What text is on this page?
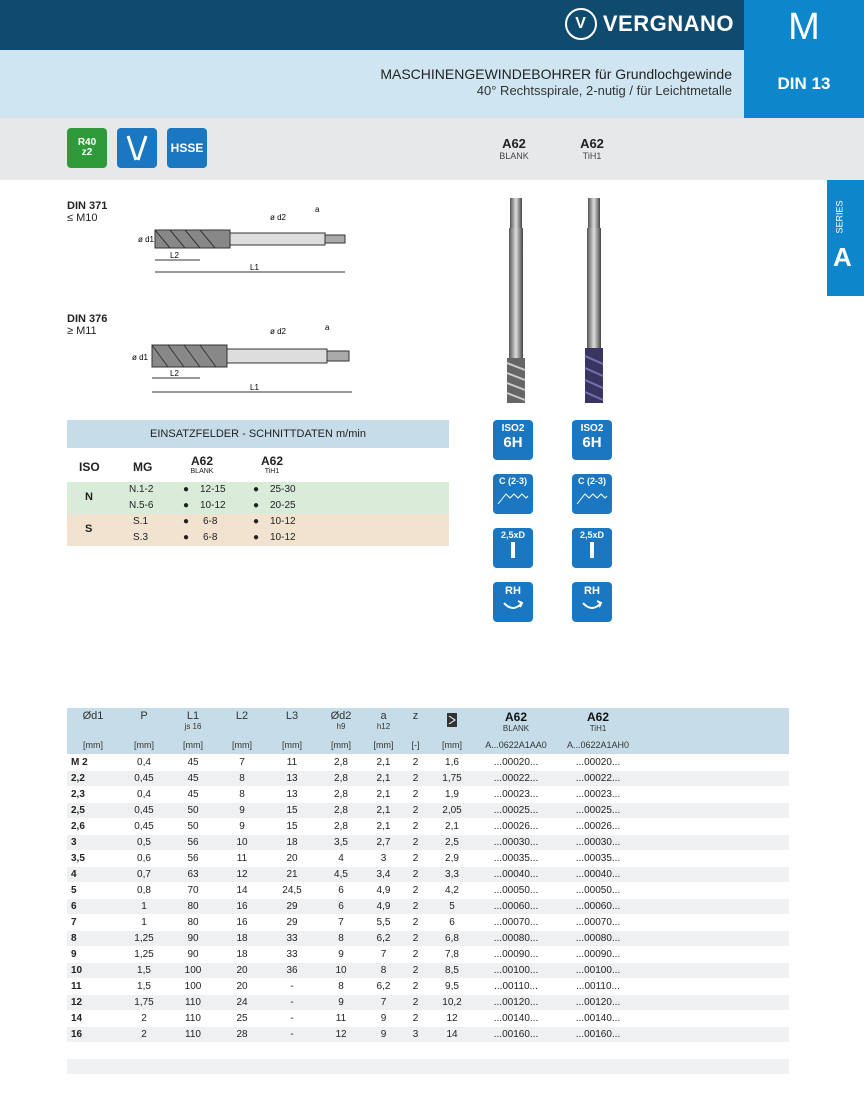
V VERGNANO	M
DIN 13
MASCHINENGEWINDEBOHRER für Grundlochgewinde
40° Rechtsspirale, 2-nutig / für Leichtmetalle
R40
z2	HSSE	A62
BLANK
A62
TiH1
A
SERIES
DIN 371
≤ M10
L2
L1
a
ø d1
ø d2
DIN 376
≥ M11
L2
L1
a
ø d1
ø d2
ISO2
6H
C (2-3)
2,5xD
RH
ISO2
6H
C (2-3)
2,5xD
RH
EINSATZFELDER - SCHNITTDATEN m/min
ISO	MG	A62
BLANK
A62
TiH1
N
N.1-2	● 12-15	● 25-30
N.5-6	● 10-12	● 20-25
S
S.1	● 6-8	● 10-12
S.3	● 6-8	● 10-12
Ød1
[mm]
P
[mm]
L1
js 16
[mm]
L2
[mm]
L3
[mm]
Ød2
h9
[mm]
a
h12
[mm]
z
[-]	[mm]
A62
BLANK
A...0622A1AA0
A62
TiH1
A...0622A1AH0
M 2	0,4	45	7	11	2,8	2,1	2	1,6	...00020...	...00020...
2,2	0,45	45	8	13	2,8	2,1	2	1,75	...00022...	...00022...
2,3	0,4	45	8	13	2,8	2,1	2	1,9	...00023...	...00023...
2,5	0,45	50	9	15	2,8	2,1	2	2,05	...00025...	...00025...
2,6	0,45	50	9	15	2,8	2,1	2	2,1	...00026...	...00026...
3	0,5	56	10	18	3,5	2,7	2	2,5	...00030...	...00030...
3,5	0,6	56	11	20	4	3	2	2,9	...00035...	...00035...
4	0,7	63	12	21	4,5	3,4	2	3,3	...00040...	...00040...
5	0,8	70	14	24,5	6	4,9	2	4,2	...00050...	...00050...
6	1	80	16	29	6	4,9	2	5	...00060...	...00060...
7	1	80	16	29	7	5,5	2	6	...00070...	...00070...
8	1,25	90	18	33	8	6,2	2	6,8	...00080...	...00080...
9	1,25	90	18	33	9	7	2	7,8	...00090...	...00090...
10	1,5	100	20	36	10	8	2	8,5	...00100...	...00100...
11	1,5	100	20	-	8	6,2	2	9,5	...00110...	...00110...
12	1,75	110	24	-	9	7	2	10,2	...00120...	...00120...
14	2	110	25	-	11	9	2	12	...00140...	...00140...
16	2	110	28	-	12	9	3	14	...00160...	...00160...
